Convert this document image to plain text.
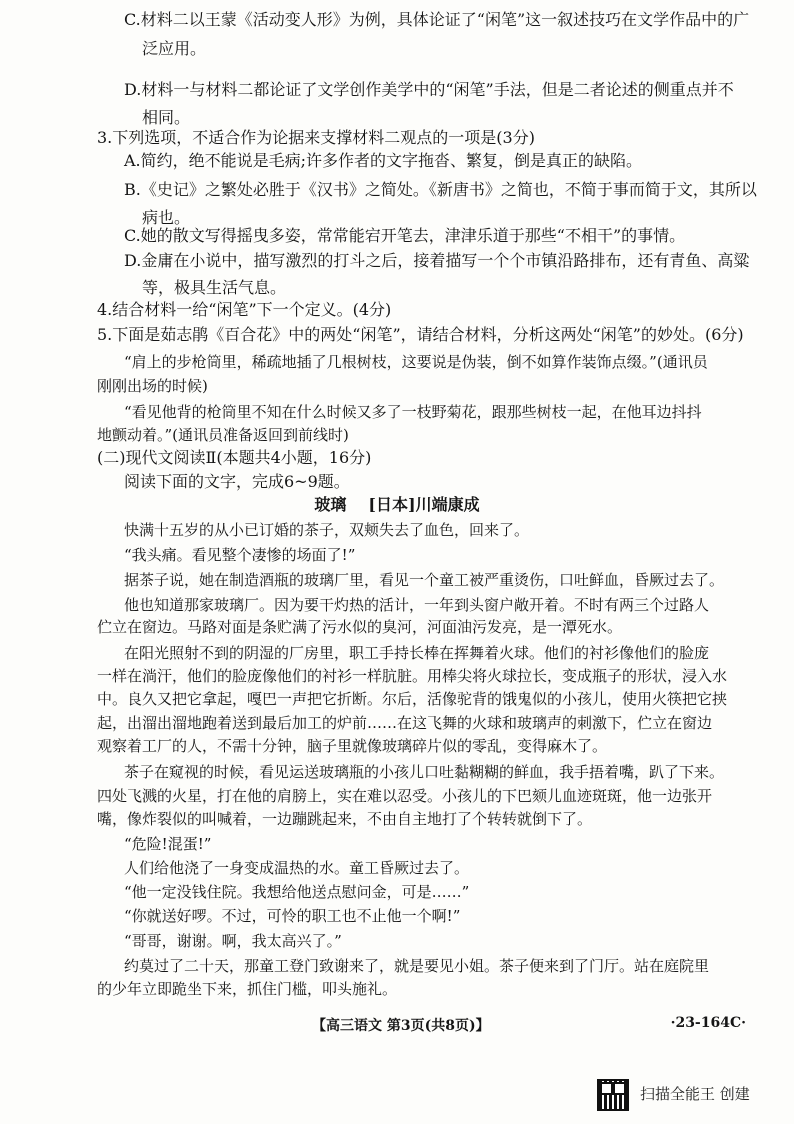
C.材料二以王蒙《活动变人形》为例，具体论证了“闲笔”这一叙述技巧在文学作品中的广
泛应用。
D.材料一与材料二都论证了文学创作美学中的“闲笔”手法，但是二者论述的侧重点并不
相同。
3.下列选项，不适合作为论据来支撑材料二观点的一项是(3分)
A.简约，绝不能说是毛病;许多作者的文字拖沓、繁复，倒是真正的缺陷。
B.《史记》之繁处必胜于《汉书》之简处。《新唐书》之简也，不简于事而简于文，其所以
病也。
C.她的散文写得摇曳多姿，常常能宕开笔去，津津乐道于那些“不相干”的事情。
D.金庸在小说中，描写激烈的打斗之后，接着描写一个个市镇沿路排布，还有青鱼、高粱
等，极具生活气息。
4.结合材料一给“闲笔”下一个定义。(4分)
5.下面是茹志鹃《百合花》中的两处“闲笔”，请结合材料，分析这两处“闲笔”的妙处。(6分)
“肩上的步枪筒里，稀疏地插了几根树枝，这要说是伪装，倒不如算作装饰点缀。”(通讯员
刚刚出场的时候)
“看见他背的枪筒里不知在什么时候又多了一枝野菊花，跟那些树枝一起，在他耳边抖抖
地颤动着。”(通讯员准备返回到前线时)
(二)现代文阅读Ⅱ(本题共4小题，16分)
阅读下面的文字，完成6~9题。
玻璃 [日本]川端康成
快满十五岁的从小已订婚的茶子，双颊失去了血色，回来了。
“我头痛。看见整个凄惨的场面了!”
据茶子说，她在制造酒瓶的玻璃厂里，看见一个童工被严重烫伤，口吐鲜血，昏厥过去了。
他也知道那家玻璃厂。因为要干灼热的活计，一年到头窗户敞开着。不时有两三个过路人
伫立在窗边。马路对面是条贮满了污水似的臭河，河面油污发亮，是一潭死水。
在阳光照射不到的阴湿的厂房里，职工手持长棒在挥舞着火球。他们的衬衫像他们的脸庞
一样在淌汗，他们的脸庞像他们的衬衫一样肮脏。用棒尖将火球拉长，变成瓶子的形状，浸入水
中。良久又把它拿起，嘎巴一声把它折断。尔后，活像驼背的饿鬼似的小孩儿，使用火筷把它挟
起，出溜出溜地跑着送到最后加工的炉前……在这飞舞的火球和玻璃声的刺激下，伫立在窗边
观察着工厂的人，不需十分钟，脑子里就像玻璃碎片似的零乱，变得麻木了。
茶子在窥视的时候，看见运送玻璃瓶的小孩儿口吐黏糊糊的鲜血，我手捂着嘴，趴了下来。
四处飞溅的火星，打在他的肩膀上，实在难以忍受。小孩儿的下巴颏儿血迹斑斑，他一边张开
嘴，像炸裂似的叫喊着，一边蹦跳起来，不由自主地打了个转转就倒下了。
“危险!混蛋!”
人们给他浇了一身变成温热的水。童工昏厥过去了。
“他一定没钱住院。我想给他送点慰问金，可是……”
“你就送好啰。不过，可怜的职工也不止他一个啊!”
“哥哥，谢谢。啊，我太高兴了。”
约莫过了二十天，那童工登门致谢来了，就是要见小姐。茶子便来到了门厅。站在庭院里
的少年立即跪坐下来，抓住门槛，叩头施礼。
【高三语文 第3页(共8页)】	·23-164C·
扫描全能王 创建
